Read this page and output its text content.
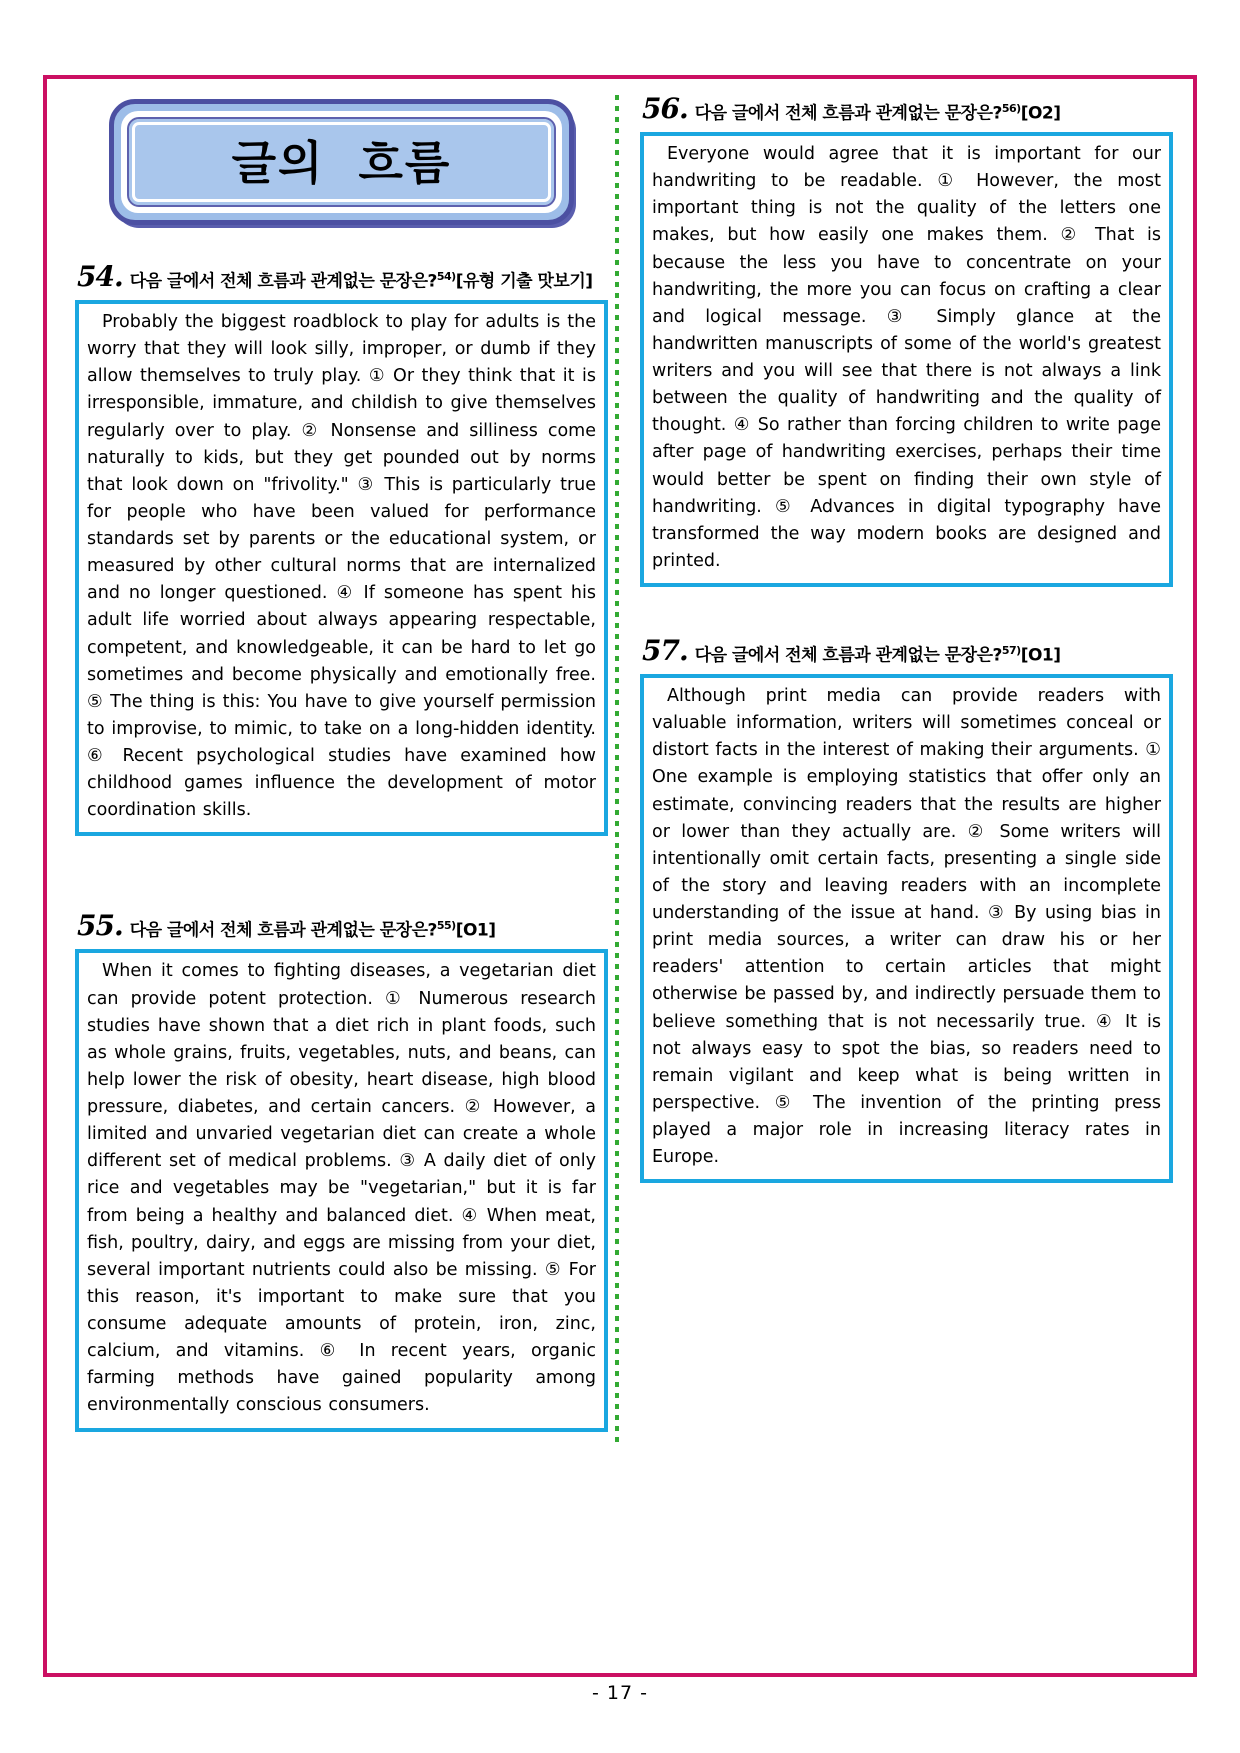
글의 흐름
54. 다음 글에서 전체 흐름과 관계없는 문장은?$^{54)}$[유형 기출 맛보기]

Probably the biggest roadblock to play for adults is the worry that they will look silly, improper, or dumb if they allow themselves to truly play. ① Or they think that it is irresponsible, immature, and childish to give themselves regularly over to play. ② Nonsense and silliness come naturally to kids, but they get pounded out by norms that look down on "frivolity." ③ This is particularly true for people who have been valued for performance standards set by parents or the educational system, or measured by other cultural norms that are internalized and no longer questioned. ④ If someone has spent his adult life worried about always appearing respectable, competent, and knowledgeable, it can be hard to let go sometimes and become physically and emotionally free. ⑤ The thing is this: You have to give yourself permission to improvise, to mimic, to take on a long-hidden identity. ⑥ Recent psychological studies have examined how childhood games influence the development of motor coordination skills.

55. 다음 글에서 전체 흐름과 관계없는 문장은?$^{55)}$[O1]

When it comes to fighting diseases, a vegetarian diet can provide potent protection. ① Numerous research studies have shown that a diet rich in plant foods, such as whole grains, fruits, vegetables, nuts, and beans, can help lower the risk of obesity, heart disease, high blood pressure, diabetes, and certain cancers. ② However, a limited and unvaried vegetarian diet can create a whole different set of medical problems. ③ A daily diet of only rice and vegetables may be "vegetarian," but it is far from being a healthy and balanced diet. ④ When meat, fish, poultry, dairy, and eggs are missing from your diet, several important nutrients could also be missing. ⑤ For this reason, it's important to make sure that you consume adequate amounts of protein, iron, zinc, calcium, and vitamins. ⑥ In recent years, organic farming methods have gained popularity among environmentally conscious consumers.

56. 다음 글에서 전체 흐름과 관계없는 문장은?$^{56)}$[O2]

Everyone would agree that it is important for our handwriting to be readable. ① However, the most important thing is not the quality of the letters one makes, but how easily one makes them. ② That is because the less you have to concentrate on your handwriting, the more you can focus on crafting a clear and logical message. ③ Simply glance at the handwritten manuscripts of some of the world's greatest writers and you will see that there is not always a link between the quality of handwriting and the quality of thought. ④ So rather than forcing children to write page after page of handwriting exercises, perhaps their time would better be spent on finding their own style of handwriting. ⑤ Advances in digital typography have transformed the way modern books are designed and printed.

57. 다음 글에서 전체 흐름과 관계없는 문장은?$^{57)}$[O1]

Although print media can provide readers with valuable information, writers will sometimes conceal or distort facts in the interest of making their arguments. ① One example is employing statistics that offer only an estimate, convincing readers that the results are higher or lower than they actually are. ② Some writers will intentionally omit certain facts, presenting a single side of the story and leaving readers with an incomplete understanding of the issue at hand. ③ By using bias in print media sources, a writer can draw his or her readers' attention to certain articles that might otherwise be passed by, and indirectly persuade them to believe something that is not necessarily true. ④ It is not always easy to spot the bias, so readers need to remain vigilant and keep what is being written in perspective. ⑤ The invention of the printing press played a major role in increasing literacy rates in Europe.

- 17 -
